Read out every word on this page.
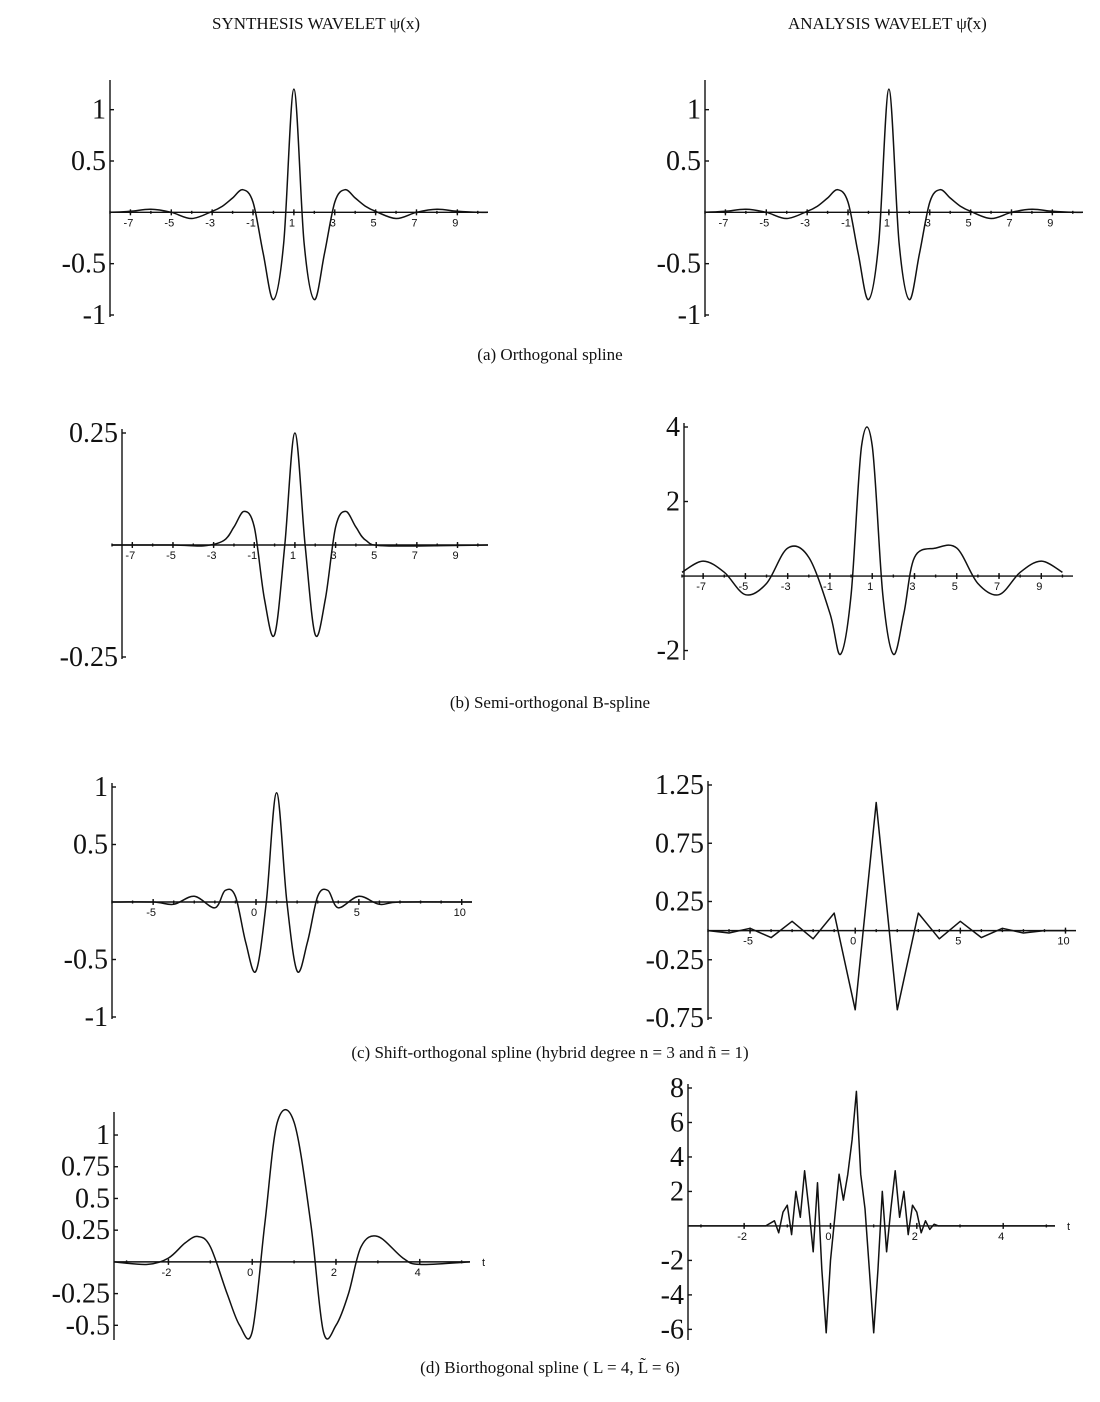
SYNTHESIS WAVELET ψ(x)	ANALYSIS WAVELET ψ̃(x)
(a) Orthogonal spline
(b) Semi-orthogonal B-spline
(c) Shift-orthogonal spline (hybrid degree n = 3 and ñ = 1)
(d) Biorthogonal spline ( L = 4, L̃ = 6)
-7	-5	-3	-1	1	3	5	7	9
1
0.5
-0.5
-1
-7	-5	-3	-1	1	3	5	7	9
1
0.5
-0.5
-1
-7	-5	-3	-1	1	3	5	7	9
0.25
-0.25
-7	-5	-3	-1	1	3	5	7	9
4
2
-2
-5	0	5	10
1
0.5
-0.5
-1
-5	0	5	10
1.25
0.75
0.25
-0.25
-0.75
-2	0	2	4
t
1
0.75
0.5
0.25
-0.25
-0.5
-2	0	2	4
t
8
6
4
2
-2
-4
-6
